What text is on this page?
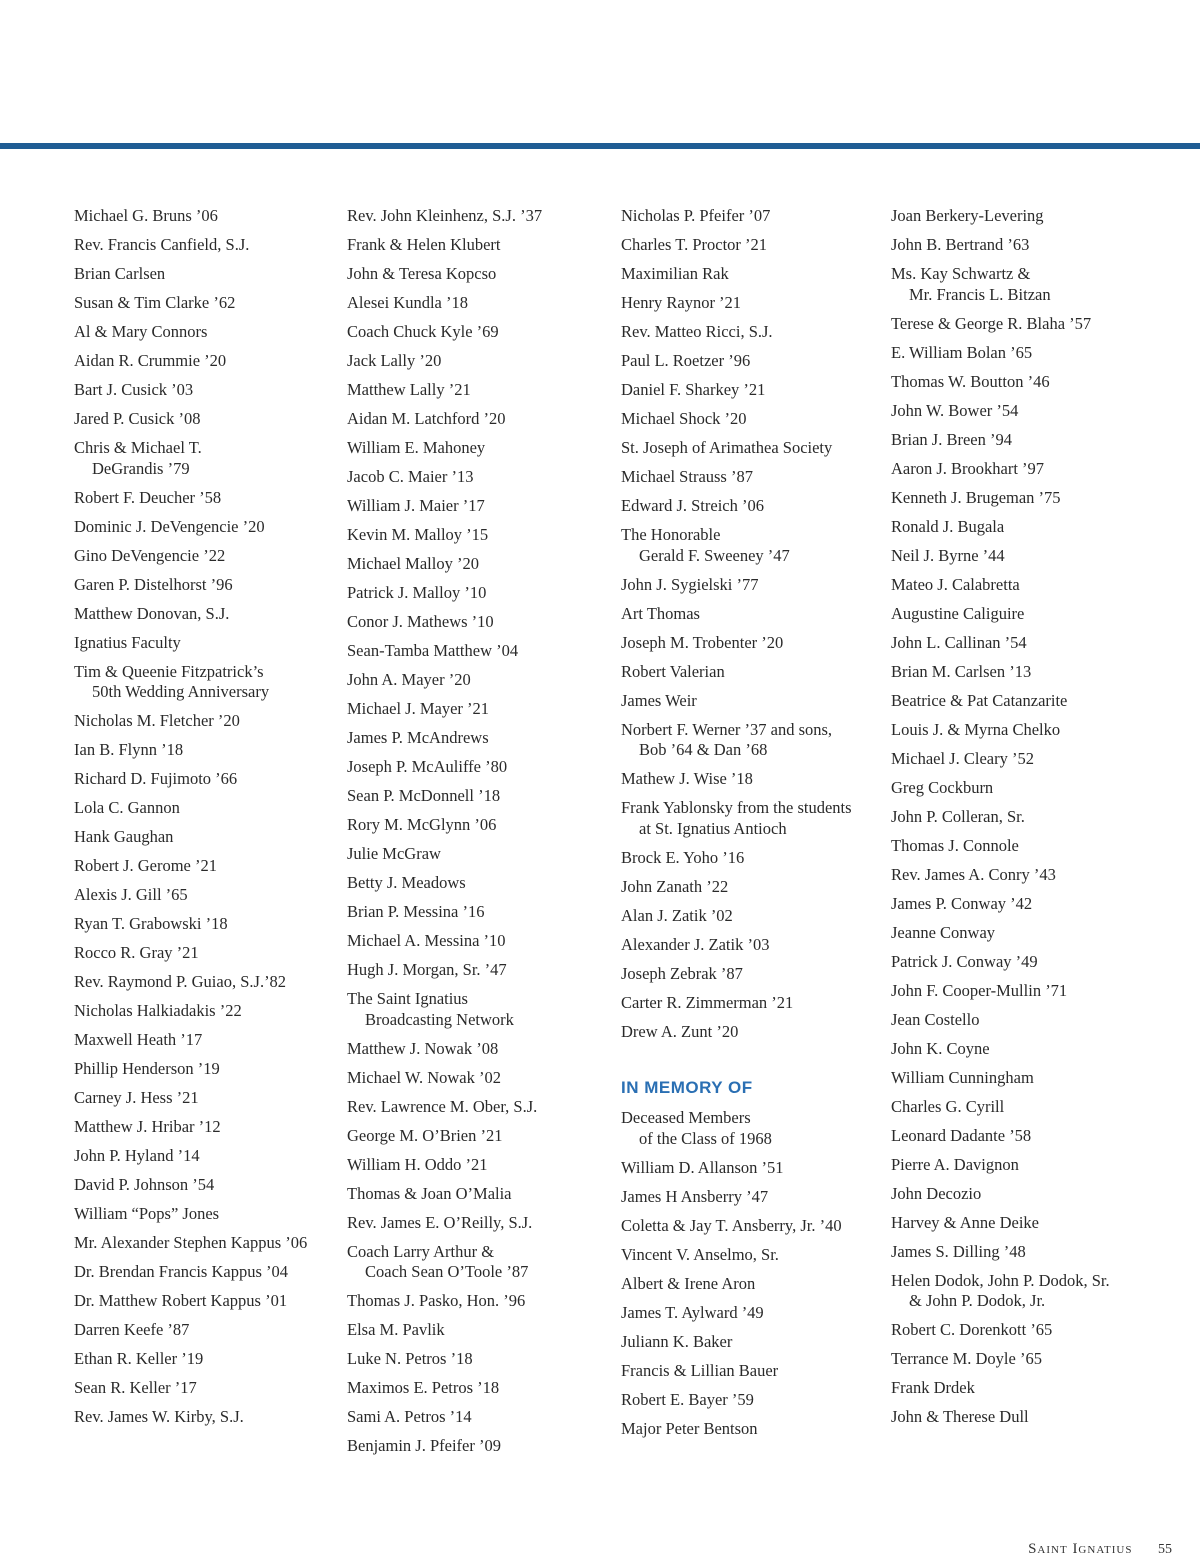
Michael G. Bruns ’06
Rev. Francis Canfield, S.J.
Brian Carlsen
Susan & Tim Clarke ’62
Al & Mary Connors
Aidan R. Crummie ’20
Bart J. Cusick ’03
Jared P. Cusick ’08
Chris & Michael T.
DeGrandis ’79
Robert F. Deucher ’58
Dominic J. DeVengencie ’20
Gino DeVengencie ’22
Garen P. Distelhorst ’96
Matthew Donovan, S.J.
Ignatius Faculty
Tim & Queenie Fitzpatrick’s
50th Wedding Anniversary
Nicholas M. Fletcher ’20
Ian B. Flynn ’18
Richard D. Fujimoto ’66
Lola C. Gannon
Hank Gaughan
Robert J. Gerome ’21
Alexis J. Gill ’65
Ryan T. Grabowski ’18
Rocco R. Gray ’21
Rev. Raymond P. Guiao, S.J.’82
Nicholas Halkiadakis ’22
Maxwell Heath ’17
Phillip Henderson ’19
Carney J. Hess ’21
Matthew J. Hribar ’12
John P. Hyland ’14
David P. Johnson ’54
William “Pops” Jones
Mr. Alexander Stephen Kappus ’06
Dr. Brendan Francis Kappus ’04
Dr. Matthew Robert Kappus ’01
Darren Keefe ’87
Ethan R. Keller ’19
Sean R. Keller ’17
Rev. James W. Kirby, S.J.
Rev. John Kleinhenz, S.J. ’37
Frank & Helen Klubert
John & Teresa Kopcso
Alesei Kundla ’18
Coach Chuck Kyle ’69
Jack Lally ’20
Matthew Lally ’21
Aidan M. Latchford ’20
William E. Mahoney
Jacob C. Maier ’13
William J. Maier ’17
Kevin M. Malloy ’15
Michael Malloy ’20
Patrick J. Malloy ’10
Conor J. Mathews ’10
Sean-Tamba Matthew ’04
John A. Mayer ’20
Michael J. Mayer ’21
James P. McAndrews
Joseph P. McAuliffe ’80
Sean P. McDonnell ’18
Rory M. McGlynn ’06
Julie McGraw
Betty J. Meadows
Brian P. Messina ’16
Michael A. Messina ’10
Hugh J. Morgan, Sr. ’47
The Saint Ignatius
Broadcasting Network
Matthew J. Nowak ’08
Michael W. Nowak ’02
Rev. Lawrence M. Ober, S.J.
George M. O’Brien ’21
William H. Oddo ’21
Thomas & Joan O’Malia
Rev. James E. O’Reilly, S.J.
Coach Larry Arthur &
Coach Sean O’Toole ’87
Thomas J. Pasko, Hon. ’96
Elsa M. Pavlik
Luke N. Petros ’18
Maximos E. Petros ’18
Sami A. Petros ’14
Benjamin J. Pfeifer ’09
Nicholas P. Pfeifer ’07
Charles T. Proctor ’21
Maximilian Rak
Henry Raynor ’21
Rev. Matteo Ricci, S.J.
Paul L. Roetzer ’96
Daniel F. Sharkey ’21
Michael Shock ’20
St. Joseph of Arimathea Society
Michael Strauss ’87
Edward J. Streich ’06
The Honorable
Gerald F. Sweeney ’47
John J. Sygielski ’77
Art Thomas
Joseph M. Trobenter ’20
Robert Valerian
James Weir
Norbert F. Werner ’37 and sons,
Bob ’64 & Dan ’68
Mathew J. Wise ’18
Frank Yablonsky from the students
at St. Ignatius Antioch
Brock E. Yoho ’16
John Zanath ’22
Alan J. Zatik ’02
Alexander J. Zatik ’03
Joseph Zebrak ’87
Carter R. Zimmerman ’21
Drew A. Zunt ’20
IN MEMORY OF
Deceased Members
of the Class of 1968
William D. Allanson ’51
James H Ansberry ’47
Coletta & Jay T. Ansberry, Jr. ’40
Vincent V. Anselmo, Sr.
Albert & Irene Aron
James T. Aylward ’49
Juliann K. Baker
Francis & Lillian Bauer
Robert E. Bayer ’59
Major Peter Bentson
Joan Berkery-Levering
John B. Bertrand ’63
Ms. Kay Schwartz &
Mr. Francis L. Bitzan
Terese & George R. Blaha ’57
E. William Bolan ’65
Thomas W. Boutton ’46
John W. Bower ’54
Brian J. Breen ’94
Aaron J. Brookhart ’97
Kenneth J. Brugeman ’75
Ronald J. Bugala
Neil J. Byrne ’44
Mateo J. Calabretta
Augustine Caliguire
John L. Callinan ’54
Brian M. Carlsen ’13
Beatrice & Pat Catanzarite
Louis J. & Myrna Chelko
Michael J. Cleary ’52
Greg Cockburn
John P. Colleran, Sr.
Thomas J. Connole
Rev. James A. Conry ’43
James P. Conway ’42
Jeanne Conway
Patrick J. Conway ’49
John F. Cooper-Mullin ’71
Jean Costello
John K. Coyne
William Cunningham
Charles G. Cyrill
Leonard Dadante ’58
Pierre A. Davignon
John Decozio
Harvey & Anne Deike
James S. Dilling ’48
Helen Dodok, John P. Dodok, Sr.
& John P. Dodok, Jr.
Robert C. Dorenkott ’65
Terrance M. Doyle ’65
Frank Drdek
John & Therese Dull
Saint Ignatius 55
